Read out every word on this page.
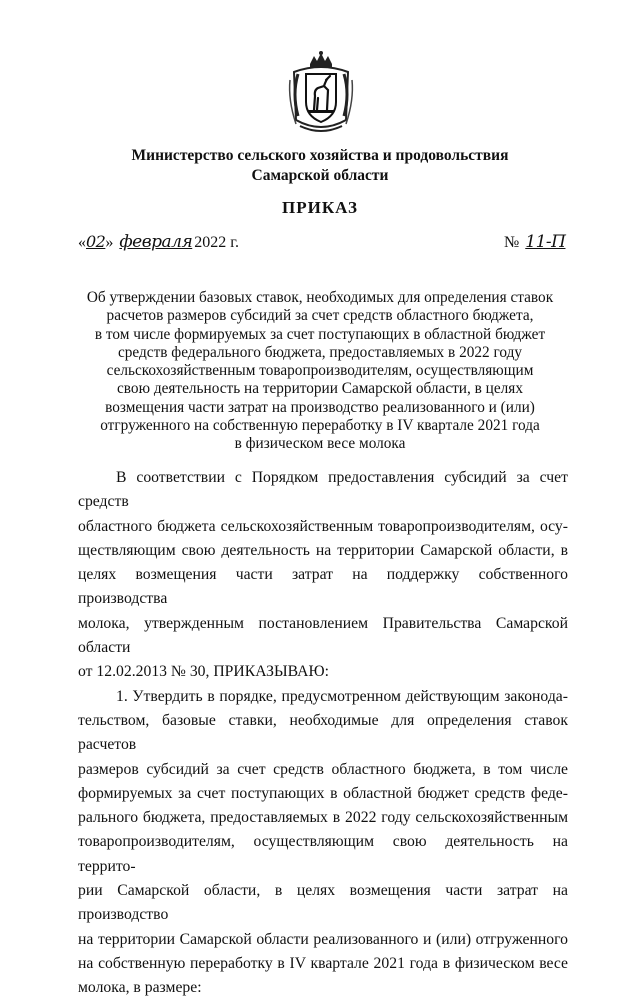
Министерство сельского хозяйства и продовольствия
Самарской области
ПРИКАЗ
« 02 » февраля 2022 г.	№ 11-П
Об утверждении базовых ставок, необходимых для определения ставок
расчетов размеров субсидий за счет средств областного бюджета,
в том числе формируемых за счет поступающих в областной бюджет
средств федерального бюджета, предоставляемых в 2022 году
сельскохозяйственным товаропроизводителям, осуществляющим
свою деятельность на территории Самарской области, в целях
возмещения части затрат на производство реализованного и (или)
отгруженного на собственную переработку в IV квартале 2021 года
в физическом весе молока
В соответствии с Порядком предоставления субсидий за счет средств
областного бюджета сельскохозяйственным товаропроизводителям, осу-
ществляющим свою деятельность на территории Самарской области, в
целях возмещения части затрат на поддержку собственного производства
молока, утвержденным постановлением Правительства Самарской области
от 12.02.2013 № 30, ПРИКАЗЫВАЮ:
1. Утвердить в порядке, предусмотренном действующим законода-
тельством, базовые ставки, необходимые для определения ставок расчетов
размеров субсидий за счет средств областного бюджета, в том числе
формируемых за счет поступающих в областной бюджет средств феде-
рального бюджета, предоставляемых в 2022 году сельскохозяйственным
товаропроизводителям, осуществляющим свою деятельность на террито-
рии Самарской области, в целях возмещения части затрат на производство
на территории Самарской области реализованного и (или) отгруженного
на собственную переработку в IV квартале 2021 года в физическом весе
молока, в размере:
